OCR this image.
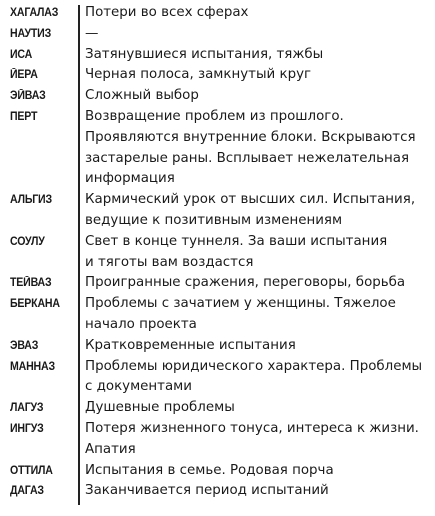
ХАГАЛАЗ Потери во всех сферах
НАУТИЗ	—
ИСА	Затянувшиеся испытания, тяжбы
ЙЕРА	Черная полоса, замкнутый круг
ЭЙВАЗ	Сложный выбор
ПЕРТ	Возвращение проблем из прошлого.
Проявляются внутренние блоки. Вскрываются
застарелые раны. Всплывает нежелательная
информация
АЛЬГИЗ Кармический урок от высших сил. Испытания,
ведущие к позитивным изменениям
СОУЛУ	Свет в конце туннеля. За ваши испытания
и тяготы вам воздастся
ТЕЙВАЗ	Проигранные сражения, переговоры, борьба
БЕРКАНА Проблемы с зачатием у женщины. Тяжелое
начало проекта
ЭВАЗ	Кратковременные испытания
МАННАЗ Проблемы юридического характера. Проблемы
с документами
ЛАГУЗ	Душевные проблемы
ИНГУЗ	Потеря жизненного тонуса, интереса к жизни.
Апатия
ОТТИЛА Испытания в семье. Родовая порча
ДАГАЗ	Заканчивается период испытаний
